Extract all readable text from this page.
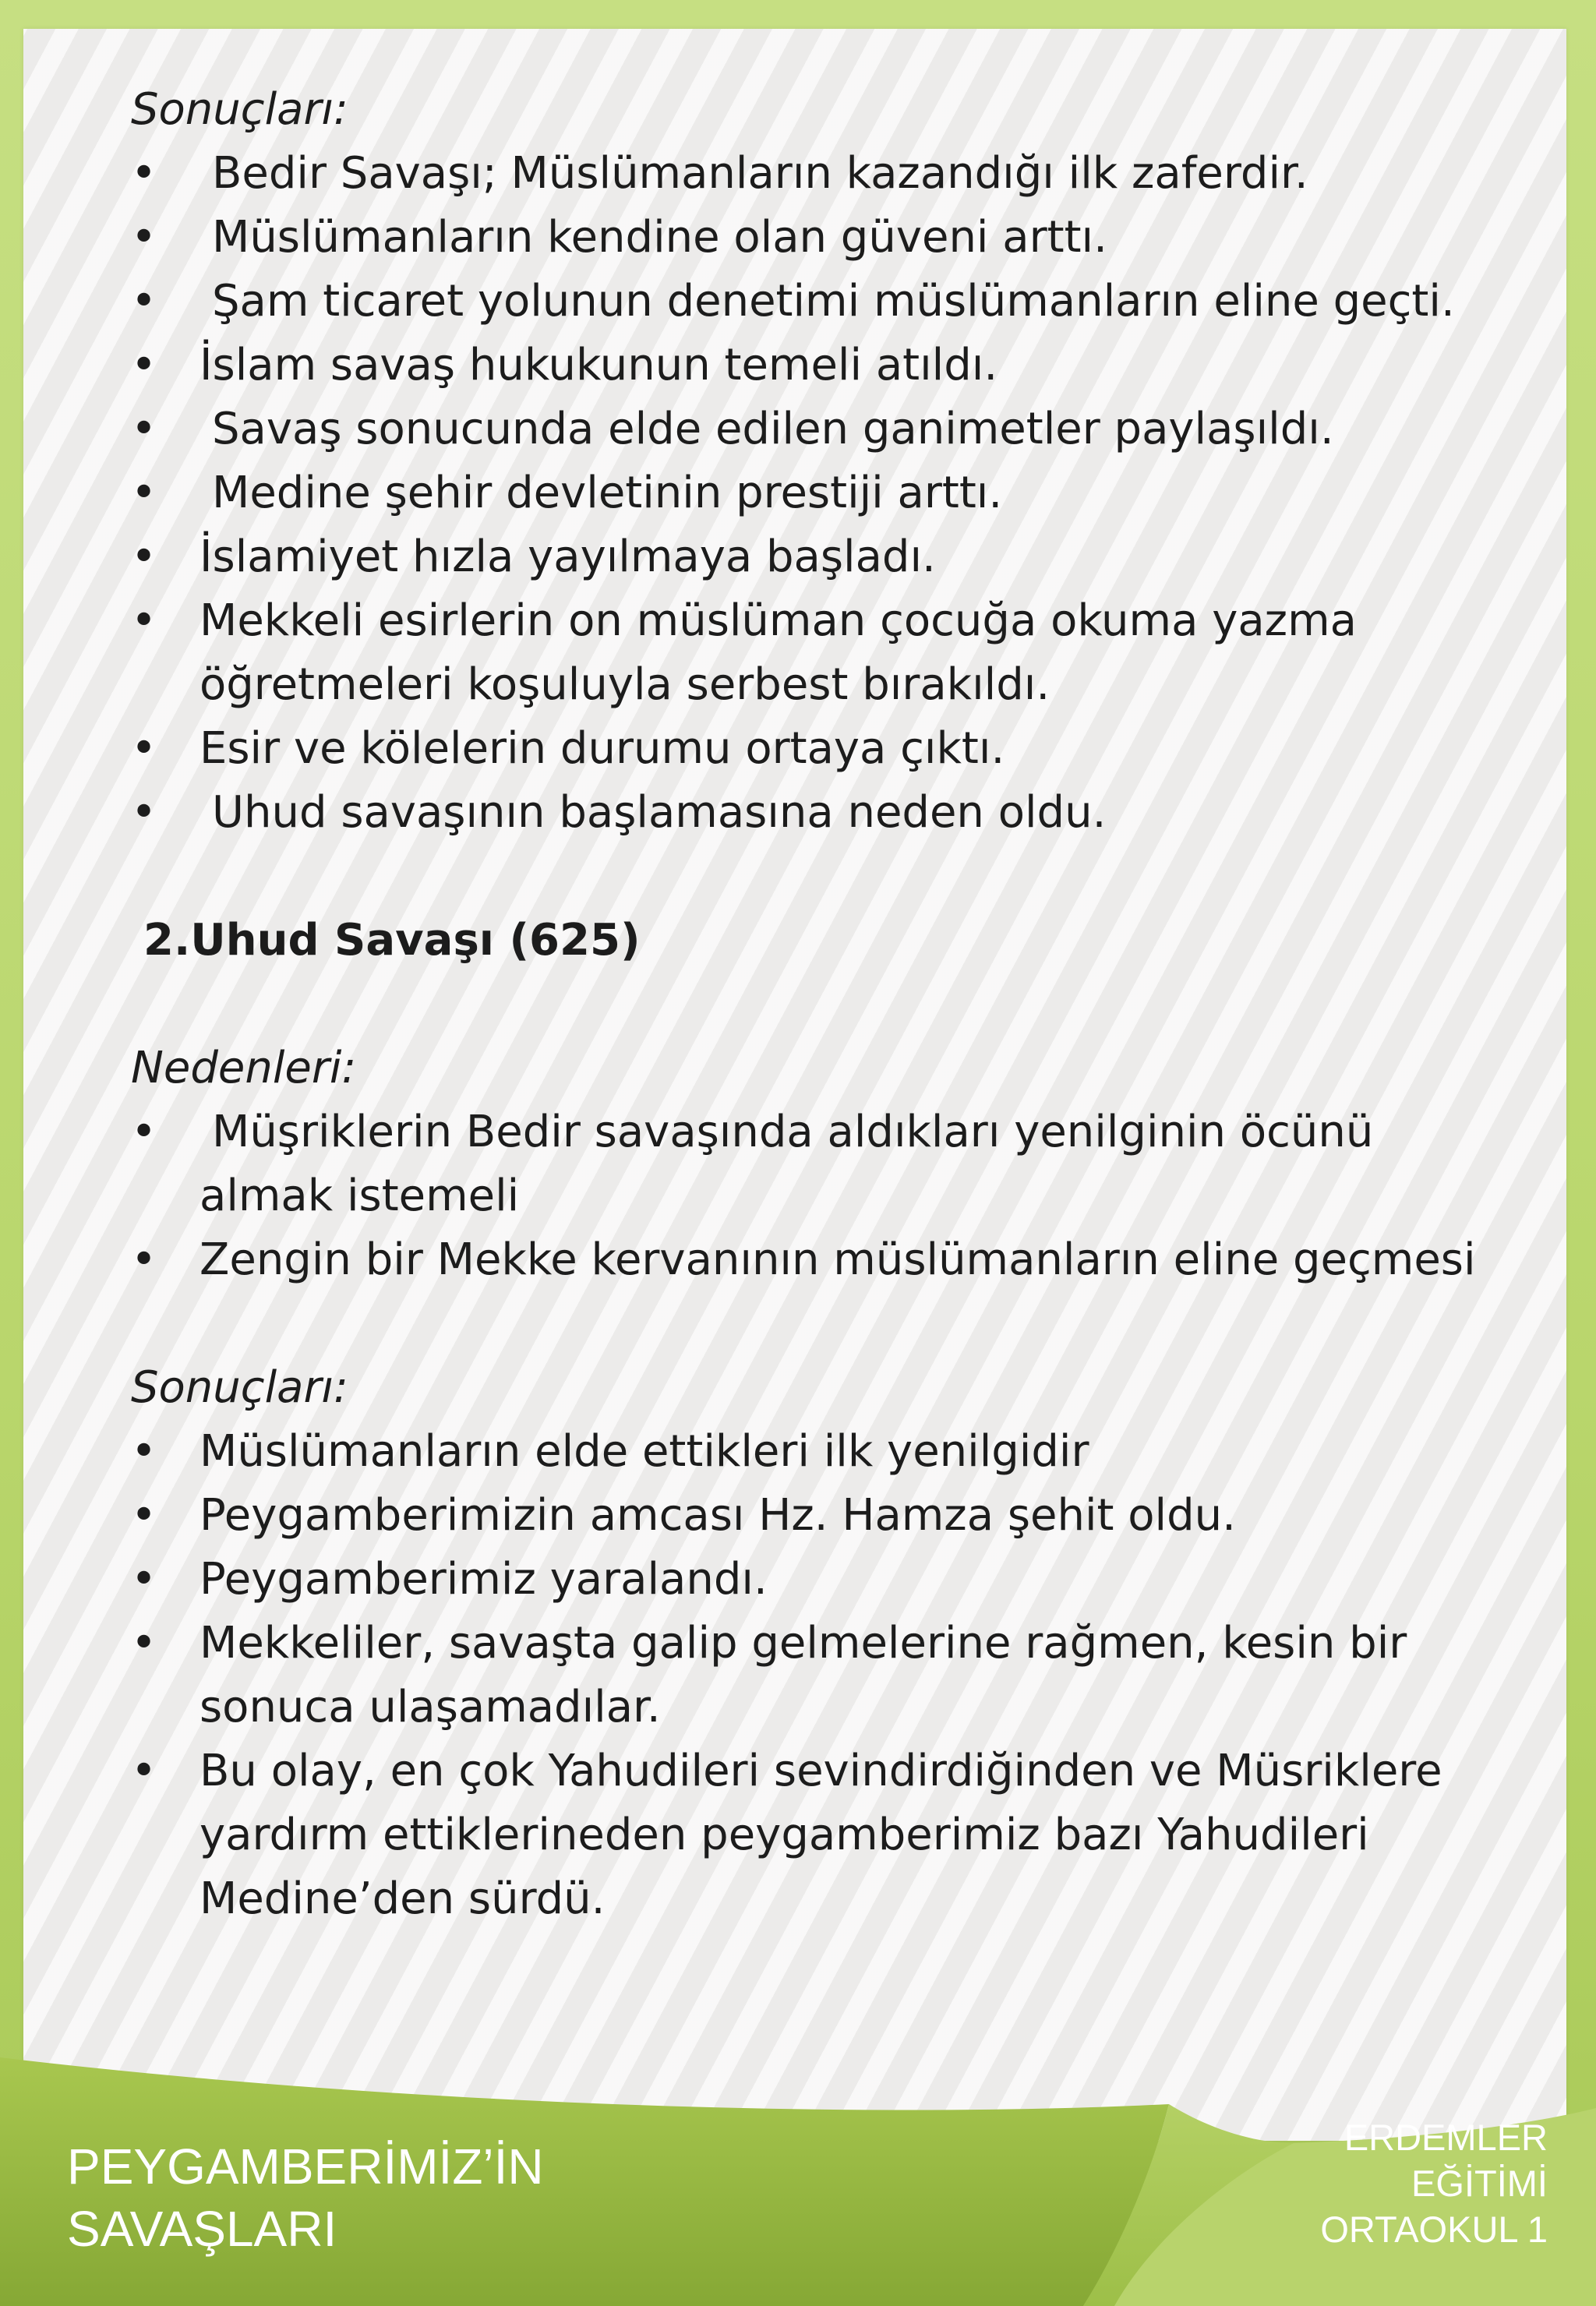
Sonuçları:

• Bedir Savaşı; Müslümanların kazandığı ilk zaferdir.
• Müslümanların kendine olan güveni arttı.
• Şam ticaret yolunun denetimi müslümanların eline geçti.
• İslam savaş hukukunun temeli atıldı.
• Savaş sonucunda elde edilen ganimetler paylaşıldı.
• Medine şehir devletinin prestiji arttı.
• İslamiyet hızla yayılmaya başladı.
• Mekkeli esirlerin on müslüman çocuğa okuma yazma öğretmeleri koşuluyla serbest bırakıldı.
• Esir ve kölelerin durumu ortaya çıktı.
• Uhud savaşının başlamasına neden oldu.

2.Uhud Savaşı (625)

Nedenleri:

• Müşriklerin Bedir savaşında aldıkları yenilginin öcünü almak istemeli
• Zengin bir Mekke kervanının müslümanların eline geçmesi

Sonuçları:

• Müslümanların elde ettikleri ilk yenilgidir
• Peygamberimizin amcası Hz. Hamza şehit oldu.
• Peygamberimiz yaralandı.
• Mekkeliler, savaşta galip gelmelerine rağmen, kesin bir sonuca ulaşamadılar.
• Bu olay, en çok Yahudileri sevindirdiğinden ve Müsriklere yardırm ettiklerineden peygamberimiz bazı Yahudileri Medine’den sürdü.
PEYGAMBERİMİZ’İN
SAVAŞLARI
ERDEMLER
EĞİTİMİ
ORTAOKUL 1
